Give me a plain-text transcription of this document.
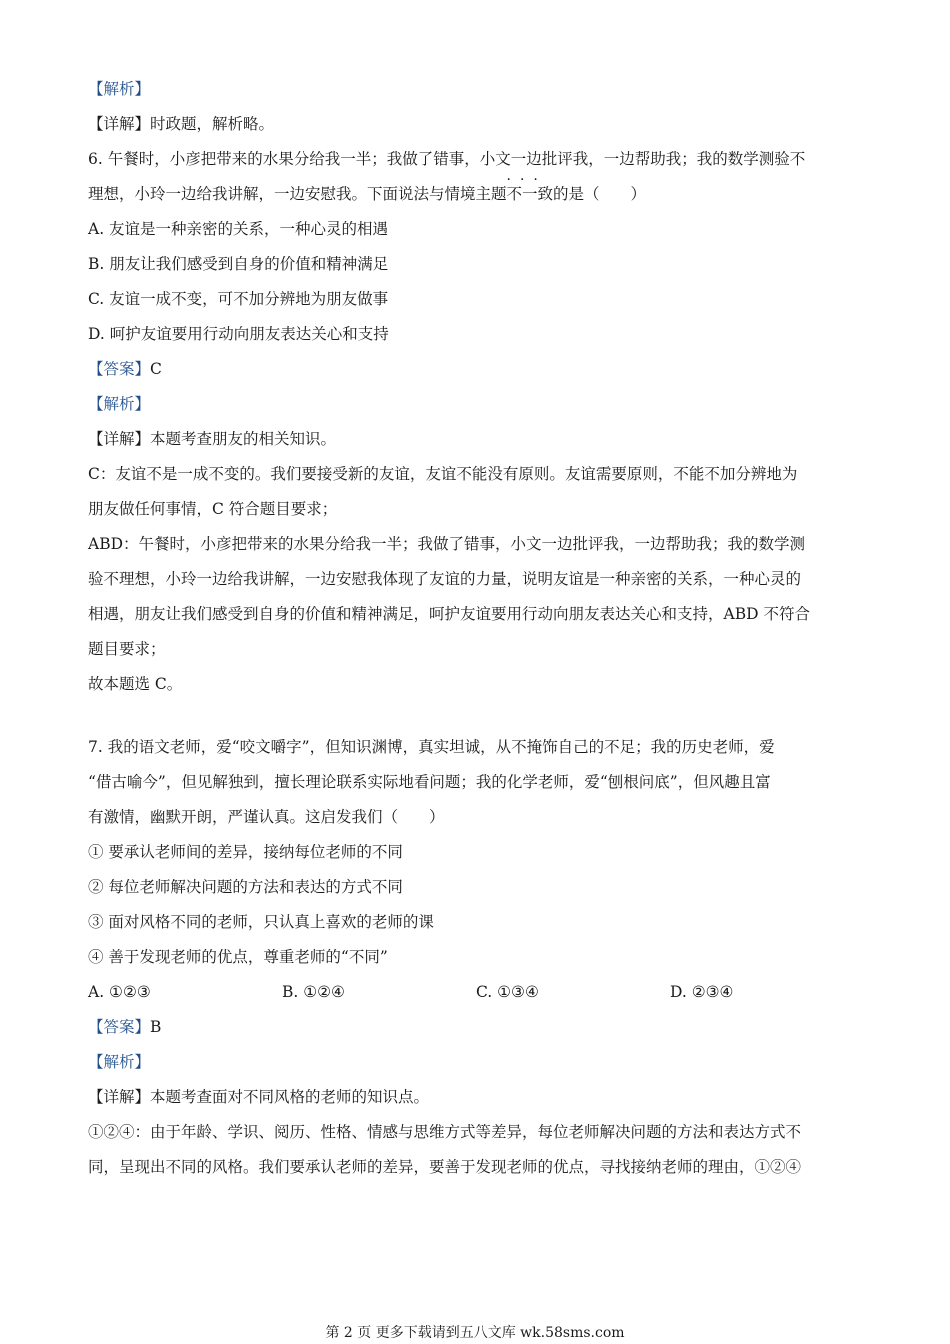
【解析】
【详解】时政题，解析略。
6. 午餐时，小彦把带来的水果分给我一半；我做了错事，小文一边批评我，一边帮助我；我的数学测验不
理想，小玲一边给我讲解，一边安慰我。下面说法与情境主题
···
不一致的是（　　）
A. 友谊是一种亲密的关系，一种心灵的相遇
B. 朋友让我们感受到自身的价值和精神满足
C. 友谊一成不变，可不加分辨地为朋友做事
D. 呵护友谊要用行动向朋友表达关心和支持
【答案】C
【解析】
【详解】本题考查朋友的相关知识。
C：友谊不是一成不变的。我们要接受新的友谊，友谊不能没有原则。友谊需要原则，不能不加分辨地为
朋友做任何事情，C 符合题目要求；
ABD：午餐时，小彦把带来的水果分给我一半；我做了错事，小文一边批评我，一边帮助我；我的数学测
验不理想，小玲一边给我讲解，一边安慰我体现了友谊的力量，说明友谊是一种亲密的关系，一种心灵的
相遇，朋友让我们感受到自身的价值和精神满足，呵护友谊要用行动向朋友表达关心和支持，ABD 不符合
题目要求；
故本题选 C。
7. 我的语文老师，爱“咬文嚼字”，但知识渊博，真实坦诚，从不掩饰自己的不足；我的历史老师，爱
“借古喻今”，但见解独到，擅长理论联系实际地看问题；我的化学老师，爱“刨根问底”，但风趣且富
有激情，幽默开朗，严谨认真。这启发我们（　　）
① 要承认老师间的差异，接纳每位老师的不同
② 每位老师解决问题的方法和表达的方式不同
③ 面对风格不同的老师，只认真上喜欢的老师的课
④ 善于发现老师的优点，尊重老师的“不同”
A. ①②③	B. ①②④	C. ①③④	D. ②③④
【答案】B
【解析】
【详解】本题考查面对不同风格的老师的知识点。
①②④：由于年龄、学识、阅历、性格、情感与思维方式等差异，每位老师解决问题的方法和表达方式不
同，呈现出不同的风格。我们要承认老师的差异，要善于发现老师的优点，寻找接纳老师的理由，①②④
第 2 页 更多下载请到五八文库 wk.58sms.com
